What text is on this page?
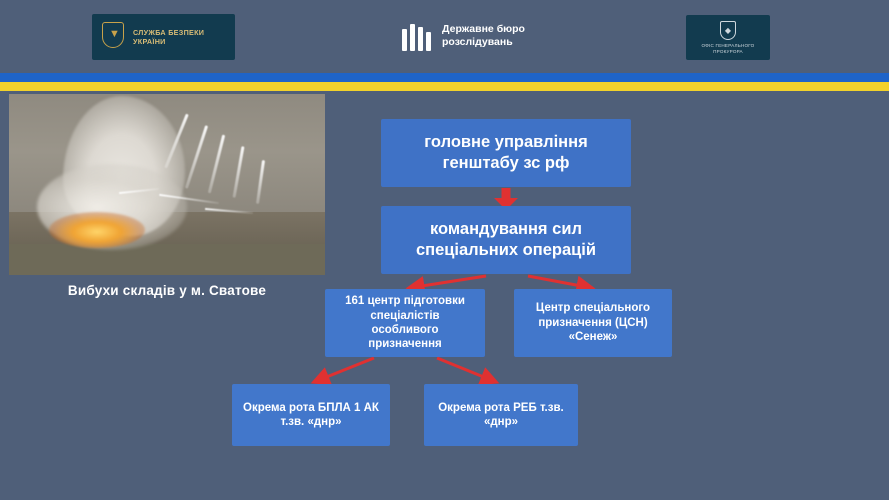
▼ СЛУЖБА БЕЗПЕКИ УКРАЇНИ
Державне бюро
розслідувань
◆
ОФІС ГЕНЕРАЛЬНОГО ПРОКУРОРА
Вибухи складів у м. Сватове
головне управління
генштабу зс рф
командування сил
спеціальних операцій
161 центр підготовки
спеціалістів
особливого
призначення
Центр спеціального
призначення (ЦСН)
«Сенеж»
Окрема рота БПЛА 1 АК
т.зв. «днр»
Окрема рота РЕБ т.зв.
«днр»
